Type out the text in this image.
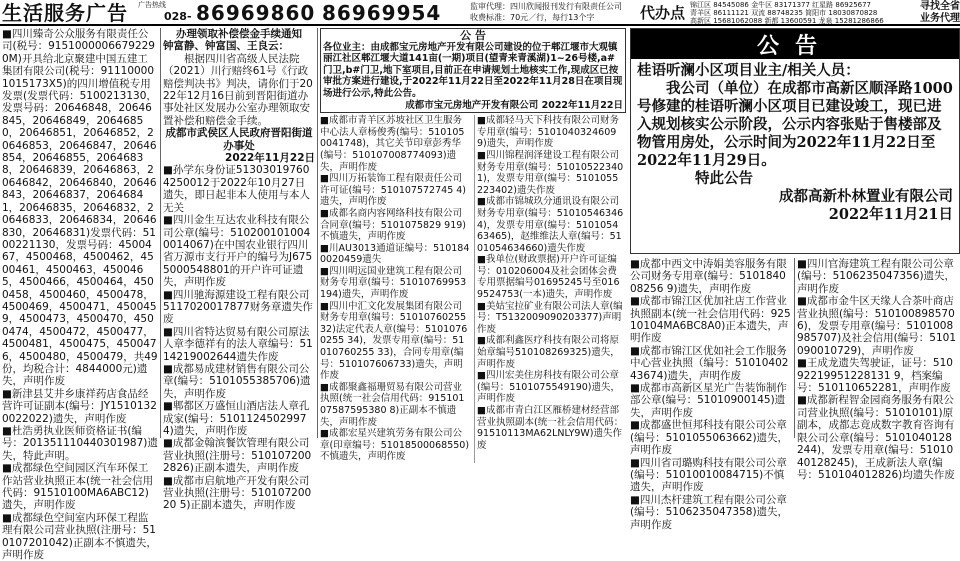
生活服务广告 广告热线
028- 86969860 86969954	监审代理：四川欣闻报刊发行有限责任公司
收费标准：70元／行，每行13个字	代办点 锦江区 84545086 金牛区 83171377 红星路 86925677
青羊区 86111121 双流 88748235 简阳市 18030870828
高新区 15681062088 新都 13600591 龙泉 15281286866
寻找全省
业务代理

■四川臻奇公众服务有限责任公司(税号：91510000066792290M)开具给北京聚建中国五建工集团有限公司(税号：911100001015173X5)的四川增值税专用发票(发票代码：5100213130，发票号码：20646848，20646845，20646849，20646850，20646851，20646852，20646853，20646847，20646854，20646855，20646838，20646839，20646863，20646842，20646840，20646843，20646837，20646841，20646835，20646832，20646833，20646834，20646830，20646831)发票代码：5100221130，发票号码：4500467，4500468，4500462，4500461，4500463，4500465，4500466，4500464，4500458，4500460，4500478，4500469，4500471，4500459，4500473，4500470，4500474，4500472，4500477，4500481，4500475，4500476，4500480，4500479，共49份，均税合计：4844000元)遗失，声明作废

■新津县艾井乡康祥药店食品经营许可证副本(编号：JY15101320022022)遗失，声明作废

■杜浩勇执业医师资格证书(编号：201351110440301987)遗失，特此声明。

■成都绿色空间园区汽车环保工作站营业执照正本(统一社会信用代码：91510100MA6ABC12)遗失，声明作废

■成都绿色空间室内环保工程监理有限公司营业执照(注册号：510107201042)正副本不慎遗失，声明作废

办理领取补偿偿金手续通知

钟富静、钟富国、王良云：

根据四川省高级人民法院（2021）川行赔终61号《行政赔偿判决书》判决，请你们于2022年12月16日前到晋阳街道办事处社区发展办公室办理领取安置补偿和赔偿金手续。

成都市武侯区人民政府晋阳街道办事处

2022年11月22日

■孙学东身份证513030197604250012于2022年10月27日遗失，即日起非本人使用与本人无关

■四川金生互达农业科技有限公司公章(编号：5102001010040014067)在中国农业银行四川省万源市支行开户的编号为J6755000548801的开户许可证遗失，声明作废

■四川驰海源建设工程有限公司5117020017877财务章遗失作废

■四川省特达贸易有限公司原法人章李德祥有的法人章编号：5114219002644遗失作废

■成都易成建材销售有限公司公章(编号：5101055385706)遗失，声明作废

■郫都区万盛恒山酒店法人章孔成家(编号：5101124502997 4)遗失，声明作废

■成都金翰滨餐饮管理有限公司营业执照(注册号：5101072002826)正副本遗失，声明作废

■成都市启航地产开发有限公司营业执照(注册号：51010720020 5)正副本遗失，声明作废

公 告

各位业主：由成都宝元房地产开发有限公司建设的位于郫江堰市大观镇丽江社区郫江堰大道141亩(一期)项目(望青来青溪湖)1~26号楼,a#门卫,b#门卫,地下室项目,目前正在申请规划土地核实工作,现成区已按审批方案进行建设,于2022年11月22日至2022年11月28日在项目现场进行公示,特此公告。

成都市宝元房地产开发有限公司 2022年11月22日

■成都市青羊区苏坡社区卫生服务中心法人章杨俊秀(编号：5101050041748)，其它关节印章彭秀华(编号：510107008774093)遗失，声明作废

■四川万拓装饰工程有限责任公司许可证(编号：510107572745 4)遗失，声明作废

■成都名商内容网络科技有限公司合同章(编号：5101075829 919)不慎遗失，声明作废

■川AU3013通道证编号：5101840020459遗失

■四川明远国业建筑工程有限公司财务专用章(编号：51010769953194)遗失，声明作废

■四川中汇文化发展集团有限公司财务专用章(编号：51010760255 32)法定代表人章(编号：51010760255 34)，发票专用章(编号：51010760255 33)，合同专用章(编号：510107606733)遗失，声明作废

■成都聚鑫福珊贸易有限公司营业执照(统一社会信用代码：91510107587595380 8)正副本不慎遗失，声明作废

■成都宏星兴建筑劳务有限公司公章(印章编号：51018500068550)不慎遗失，声明作废

■成都轻马天下科技有限公司财务专用章(编号：51010403246099)遗失，声明作废

■四川锦程润泽建设工程有限公司财务专用章(编号：510105223401)，发票专用章(编号：5101055223402)遗失作废

■成都市锦城玖分通讯设有限公司财务专用章(编号：510105463464)，发票专用章(编号：510105463465)，赵维维法人章(编号：5101054634660)遗失作废

■我单位(财政票据)开户许可证编号：010206004及社会团体会费专用票据编号01695245号至0169524753(一本)遗失，声明作废

■美姑宝拉矿业有限公司法人章(编号：T5132009090203377)声明作废

■成都利鑫医疗科技有限公司将原始章编号510108269325)遗失，声明作废

■四川宏美住房科技有限公司公章(编号：5101075549190)遗失，声明作废

■成都市青白江区雁桥建材经营部营业执照副本(统一社会信用代码：91510113MA62LNLY9W)遗失作废

公告

桂语听澜小区项目业主/相关人员：

我公司（单位）在成都市高新区顺泽路1000号修建的桂语听澜小区项目已建设竣工，现已进入规划核实公示阶段，公示内容张贴于售楼部及物管用房处，公示时间为2022年11月22日至2022年11月29日。

特此公告

成都高新朴林置业有限公司

2022年11月21日

■成都中西文中涛娟美容服务有限公司财务专用章(编号：510184008256 9)遗失，声明作废

■成都市锦江区优加社店工作营业执照副本(统一社会信用代码：92510104MA6BC8A0)正本遗失，声明作废

■成都市锦江区优如社会工作服务中心营业执照（编号：5101040243674)遗失，声明作废

■成都市高新区星光广告装饰制作部公章(编号：51010900145)遗失，声明作废

■成都盛世恒邦科技有限公司公章(编号：5101055063662)遗失，声明作废

■四川省司璐购科技有限公司公章(编号：51010010084715)不慎遗失，声明作废

■四川杰杆建筑工程有限公司公章(编号：5106235047358)遗失，声明作废

■四川官海建筑工程有限公司公章(编号：5106235047356)遗失，声明作废

■成都市金牛区天缘人合茶叶商店营业执照(编号：5101008985706)，发票专用章(编号：5101008985707)及社会信用(编号：5101090010729)，声明作废

■王成龙遗失驾驶证，证号：51092219951228131 9，档案编号：510110652281，声明作废

■成都新程智金园商务服务有限公司营业执照(编号：51010101)原副本，成都志竟成数字教育咨询有限公司公章(编号：5101040128244)，发票专用章(编号：5101040128245)，王成新法人章(编号：510104012826)均遗失作废
